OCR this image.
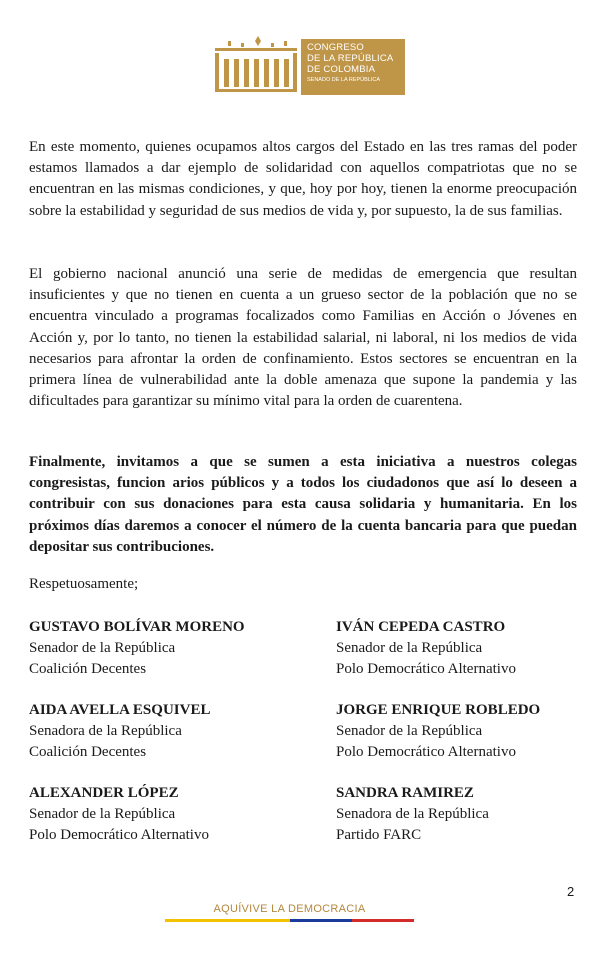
CONGRESO
DE LA REPÚBLICA
DE COLOMBIA
SENADO DE LA REPÚBLICA

En este momento, quienes ocupamos altos cargos del Estado en las tres ramas del poder estamos llamados a dar ejemplo de solidaridad con aquellos compatriotas que no se encuentran en las mismas condiciones, y que, hoy por hoy, tienen la enorme preocupación sobre la estabilidad y seguridad de sus medios de vida y, por supuesto, la de sus familias.

El gobierno nacional anunció una serie de medidas de emergencia que resultan insuficientes y que no tienen en cuenta a un grueso sector de la población que no se encuentra vinculado a programas focalizados como Familias en Acción o Jóvenes en Acción y, por lo tanto, no tienen la estabilidad salarial, ni laboral, ni los medios de vida necesarios para afrontar la orden de confinamiento. Estos sectores se encuentran en la primera línea de vulnerabilidad ante la doble amenaza que supone la pandemia y las dificultades para garantizar su mínimo vital para la orden de cuarentena.

Finalmente, invitamos a que se sumen a esta iniciativa a nuestros colegas congresistas, funcion arios públicos y a todos los ciudadonos que así lo deseen a contribuir con sus donaciones para esta causa solidaria y humanitaria. En los próximos días daremos a conocer el número de la cuenta bancaria para que puedan depositar sus contribuciones.

Respetuosamente;

GUSTAVO BOLÍVAR MORENO
Senador de la República
Coalición Decentes
IVÁN CEPEDA CASTRO
Senador de la República
Polo Democrático Alternativo
AIDA AVELLA ESQUIVEL
Senadora de la República
Coalición Decentes
JORGE ENRIQUE ROBLEDO
Senador de la República
Polo Democrático Alternativo
ALEXANDER LÓPEZ
Senador de la República
Polo Democrático Alternativo
SANDRA RAMIREZ
Senadora de la República
Partido FARC
2
AQUÍVIVE LA DEMOCRACIA
